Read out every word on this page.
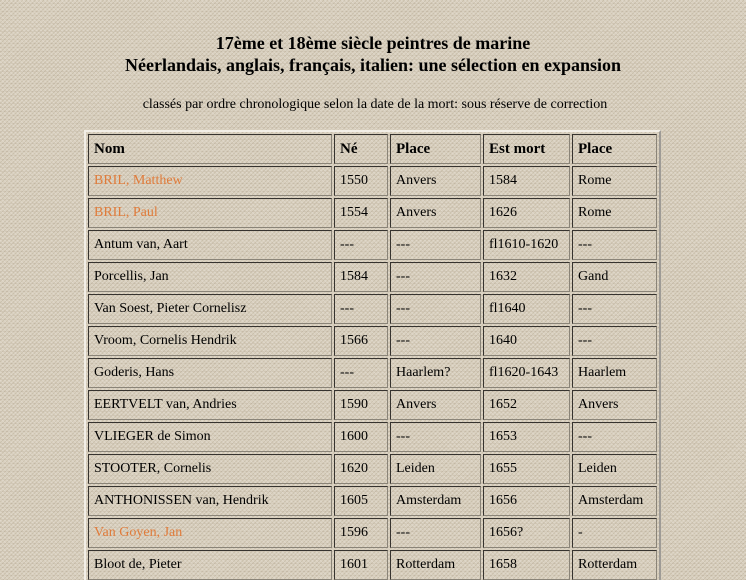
17ème et 18ème siècle peintres de marine
Néerlandais, anglais, français, italien: une sélection en expansion
classés par ordre chronologique selon la date de la mort: sous réserve de correction
Nom	Né	Place	Est mort	Place
BRIL, Matthew	1550	Anvers	1584	Rome
BRIL, Paul	1554	Anvers	1626	Rome
Antum van, Aart	---	---	fl1610-1620	---
Porcellis, Jan	1584	---	1632	Gand
Van Soest, Pieter Cornelisz	---	---	fl1640	---
Vroom, Cornelis Hendrik	1566	---	1640	---
Goderis, Hans	---	Haarlem?	fl1620-1643	Haarlem
EERTVELT van, Andries	1590	Anvers	1652	Anvers
VLIEGER de Simon	1600	---	1653	---
STOOTER, Cornelis	1620	Leiden	1655	Leiden
ANTHONISSEN van, Hendrik	1605	Amsterdam	1656	Amsterdam
Van Goyen, Jan	1596	---	1656?	-
Bloot de, Pieter	1601	Rotterdam	1658	Rotterdam
